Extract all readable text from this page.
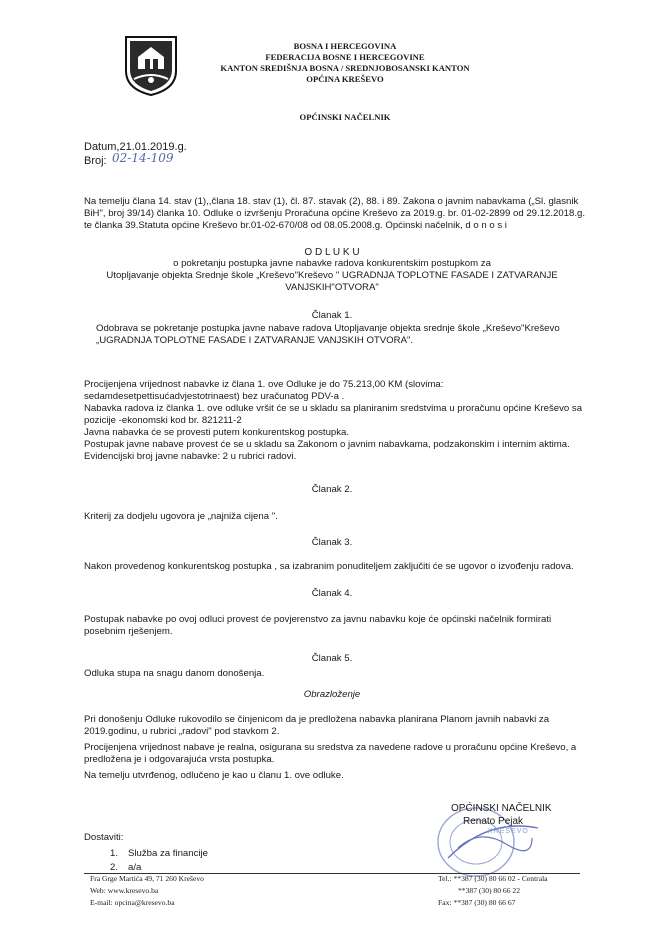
BOSNA I HERCEGOVINA
FEDERACIJA BOSNE I HERCEGOVINE
KANTON SREDIŠNJA BOSNA / SREDNJOBOSANSKI KANTON
OPĆINA KREŠEVO
OPĆINSKI NAČELNIK
Datum,21.01.2019.g.
Broj: 02-14-109
Na temelju članа 14. stav (1),,člana 18. stav (1), čl. 87. stavak (2), 88. i 89. Zakona o javnim nabavkama („Sl. glasnik
BiH", broj 39/14) članka 10. Odluke o izvršenju Proračuna općine Kreševo za 2019.g. br. 01-02-2899 od 29.12.2018.g.
te članka 39.Statuta općine Kreševo br.01-02-670/08 od 08.05.2008.g. Općinski načelnik, d o n o s i
O D L U K U
o pokretanju postupka javne nabavke radova konkurentskim postupkom za
Utopljavanje objekta Srednje škole „Kreševo"Kreševo " UGRADNJA TOPLOTNE FASADE I ZATVARANJE
VANJSKIH"OTVORA"
Članak 1.
Odobrava se pokretanje postupka javne nabave radova Utopljavanje objekta srednje škole „Kreševo"Kreševo
„UGRADNJA TOPLOTNE FASADE I ZATVARANJE VANJSKIH OTVORA".
Procijenjena vrijednost nabavke iz člana 1. ove Odluke je do 75.213,00 KM (slovima:
sedamdesetpettisućadvjestotrinaest) bez uračunatog PDV-a .
Nabavka radova iz članka 1. ove odluke vršit će se u skladu sa planiranim sredstvima u proračunu općine Kreševo sa
pozicije -ekonomski kod br. 821211-2
Javna nabavka će se provesti putem konkurentskog postupka.
Postupak javne nabave provest će se u skladu sa Zakonom o javnim nabavkama, podzakonskim i internim aktima.
Evidencijski broj javne nabavke: 2 u rubrici radovi.
Članak 2.
Kriterij za dodjelu ugovora je „najniža cijena ".
Članak 3.
Nakon provedenog konkurentskog postupka , sa izabranim ponuditeljem zaključiti će se ugovor o izvođenju radova.
Članak 4.
Postupak nabavke po ovoj odluci provest će povjerenstvo za javnu nabavku koje će općinski načelnik formirati
posebnim rješenjem.
Članak 5.
Odluka stupa na snagu danom donošenja.
Obrazloženje
Pri donošenju Odluke rukovodilo se činjenicom da je predložena nabavka planirana Planom javnih nabavki za
2019.godinu, u rubrici „radovi" pod stavkom 2.
Procijenjena vrijednost nabave je realna, osigurana su sredstva za navedene radove u proračunu općine Kreševo, a
predložena je i odgovarajuća vrsta postupka.
Na temelju utvrđenog, odlučeno je kao u članu 1. ove odluke.
KREŠEVO
OPĆINSKI NAČELNIK
Renato Pejak
Dostaviti:
1. Služba za financije
2. a/a
Fra Grge Martića 49, 71 260 Kreševo
Web: www.kresevo.ba
E-mail: opcina@kresevo.ba
Tel.: **387 (30) 80 66 02 - Centrala
**387 (30) 80 66 22
Fax: **387 (30) 80 66 67
